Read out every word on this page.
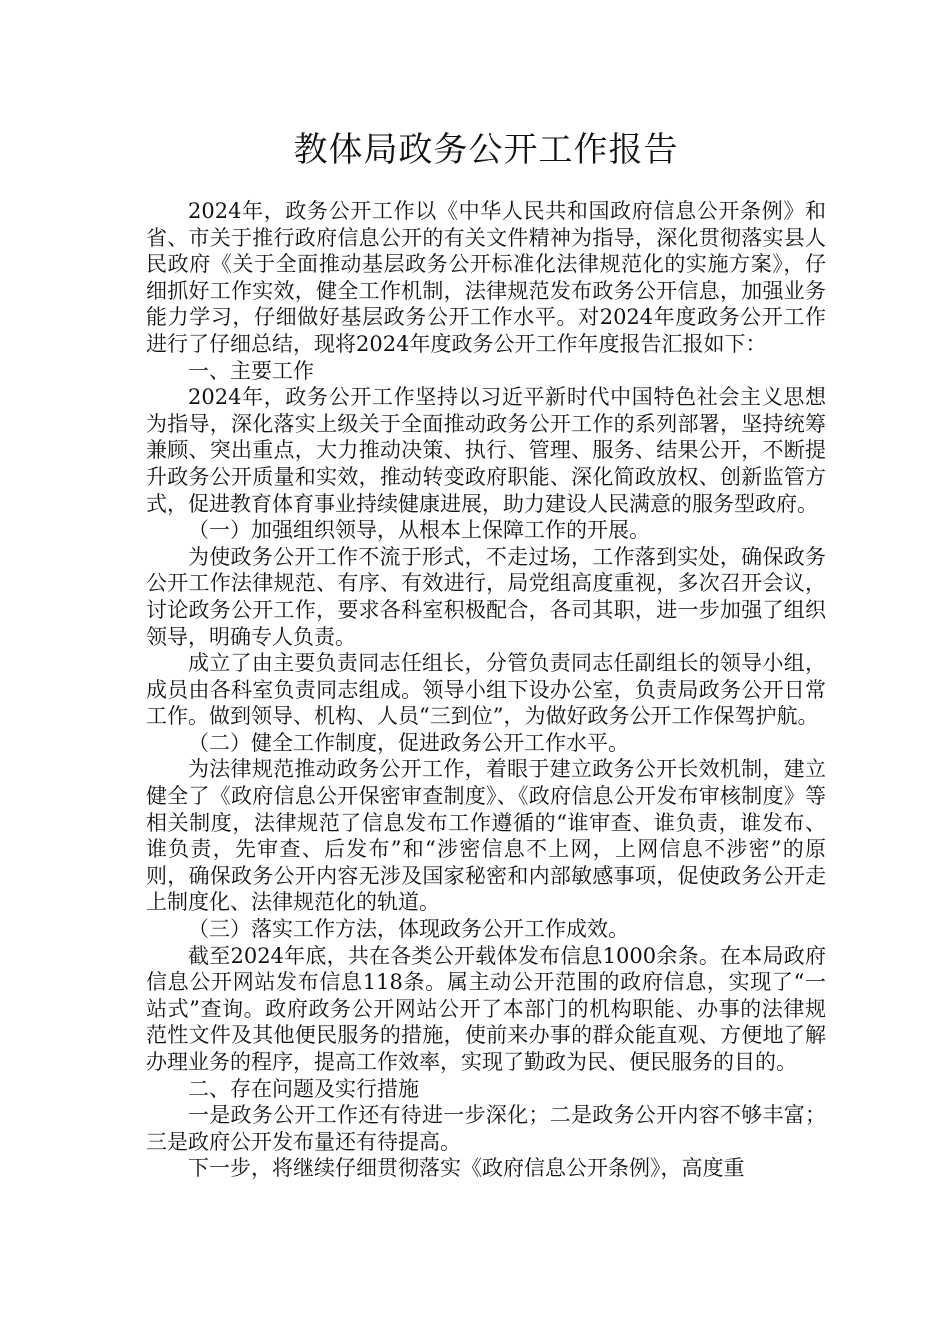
教体局政务公开工作报告

2024年，政务公开工作以《中华人民共和国政府信息公开条例》和省、市关于推行政府信息公开的有关文件精神为指导，深化贯彻落实县人民政府《关于全面推动基层政务公开标准化法律规范化的实施方案》，仔细抓好工作实效，健全工作机制，法律规范发布政务公开信息，加强业务能力学习，仔细做好基层政务公开工作水平。对2024年度政务公开工作进行了仔细总结，现将2024年度政务公开工作年度报告汇报如下：

一、主要工作

2024年，政务公开工作坚持以习近平新时代中国特色社会主义思想为指导，深化落实上级关于全面推动政务公开工作的系列部署，坚持统筹兼顾、突出重点，大力推动决策、执行、管理、服务、结果公开，不断提升政务公开质量和实效，推动转变政府职能、深化简政放权、创新监管方式，促进教育体育事业持续健康进展，助力建设人民满意的服务型政府。

（一）加强组织领导，从根本上保障工作的开展。

为使政务公开工作不流于形式，不走过场，工作落到实处，确保政务公开工作法律规范、有序、有效进行，局党组高度重视，多次召开会议，讨论政务公开工作，要求各科室积极配合，各司其职，进一步加强了组织领导，明确专人负责。

成立了由主要负责同志任组长，分管负责同志任副组长的领导小组，成员由各科室负责同志组成。领导小组下设办公室，负责局政务公开日常工作。做到领导、机构、人员“三到位”，为做好政务公开工作保驾护航。

（二）健全工作制度，促进政务公开工作水平。

为法律规范推动政务公开工作，着眼于建立政务公开长效机制，建立健全了《政府信息公开保密审查制度》、《政府信息公开发布审核制度》等相关制度，法律规范了信息发布工作遵循的“谁审查、谁负责，谁发布、谁负责，先审查、后发布”和“涉密信息不上网，上网信息不涉密”的原则，确保政务公开内容无涉及国家秘密和内部敏感事项，促使政务公开走上制度化、法律规范化的轨道。

（三）落实工作方法，体现政务公开工作成效。

截至2024年底，共在各类公开载体发布信息1000余条。在本局政府信息公开网站发布信息118条。属主动公开范围的政府信息，实现了“一站式”查询。政府政务公开网站公开了本部门的机构职能、办事的法律规范性文件及其他便民服务的措施，使前来办事的群众能直观、方便地了解办理业务的程序，提高工作效率，实现了勤政为民、便民服务的目的。

二、存在问题及实行措施

一是政务公开工作还有待进一步深化；二是政务公开内容不够丰富；三是政府公开发布量还有待提高。

下一步，将继续仔细贯彻落实《政府信息公开条例》，高度重
